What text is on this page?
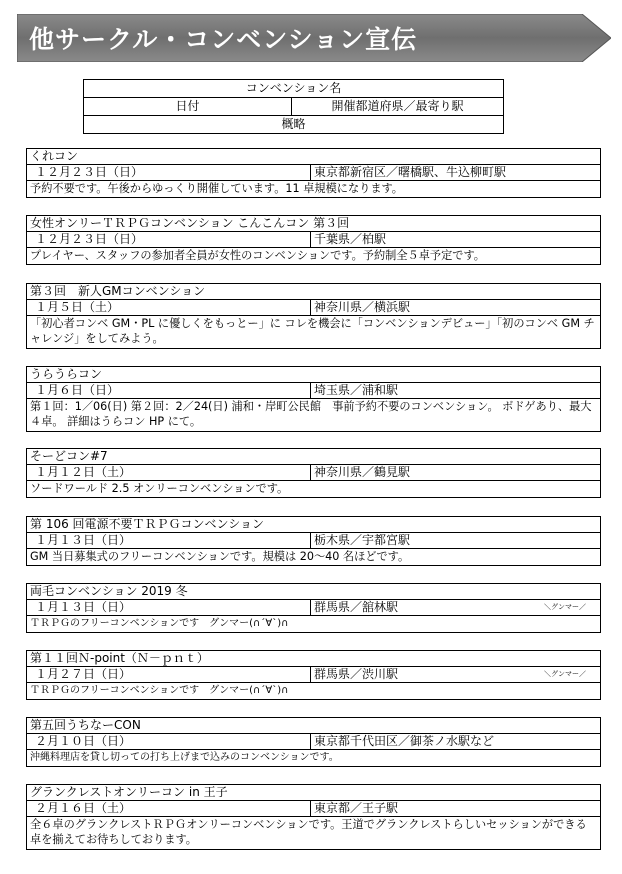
他サークル・コンベンション宣伝
コンベンション名
日付	開催都道府県／最寄り駅
概略
くれコン
１２月２３日（日）	東京都新宿区／曙橋駅、牛込柳町駅
予約不要です。午後からゆっくり開催しています。11 卓規模になります。
女性オンリーＴＲＰＧコンベンション こんこんコン 第３回
１２月２３日（日）	千葉県／柏駅
プレイヤー、スタッフの参加者全員が女性のコンベンションです。予約制全５卓予定です。
第３回　新人GMコンベンション
１月５日（土）	神奈川県／横浜駅
「初心者コンベ GM・PL に優しくをもっとー」に コレを機会に「コンベンションデビュー」「初のコンベ GM チャレンジ」をしてみよう。
うらうらコン
１月６日（日）	埼玉県／浦和駅
第１回：1／06(日) 第２回：2／24(日) 浦和・岸町公民館　事前予約不要のコンベンション。 ボドゲあり、最大４卓。 詳細はうらコン HP にて。
そーどコン#7
１月１２日（土）	神奈川県／鶴見駅
ソードワールド 2.5 オンリーコンベンションです。
第 106 回電源不要ＴＲＰＧコンベンション
１月１３日（日）	栃木県／宇都宮駅
GM 当日募集式のフリーコンベンションです。規模は 20～40 名ほどです。
両毛コンベンション 2019 冬
１月１３日（日）	群馬県／舘林駅	＼グンマー／
ＴＲＰＧのフリーコンベンションです　グンマー(∩´∀`)∩
第１１回Ｎ-point（Ｎ－ｐｎｔ）
１月２７日（日）	群馬県／渋川駅	＼グンマー／
ＴＲＰＧのフリーコンベンションです　グンマー(∩´∀`)∩
第五回うちなーCON
２月１０日（日）	東京都千代田区／御茶ノ水駅など
沖縄料理店を貸し切っての打ち上げまで込みのコンベンションです。
グランクレストオンリーコン in 王子
２月１６日（土）	東京都／王子駅
全６卓のグランクレストＲＰＧオンリーコンベンションです。王道でグランクレストらしいセッションができる卓を揃えてお待ちしております。
